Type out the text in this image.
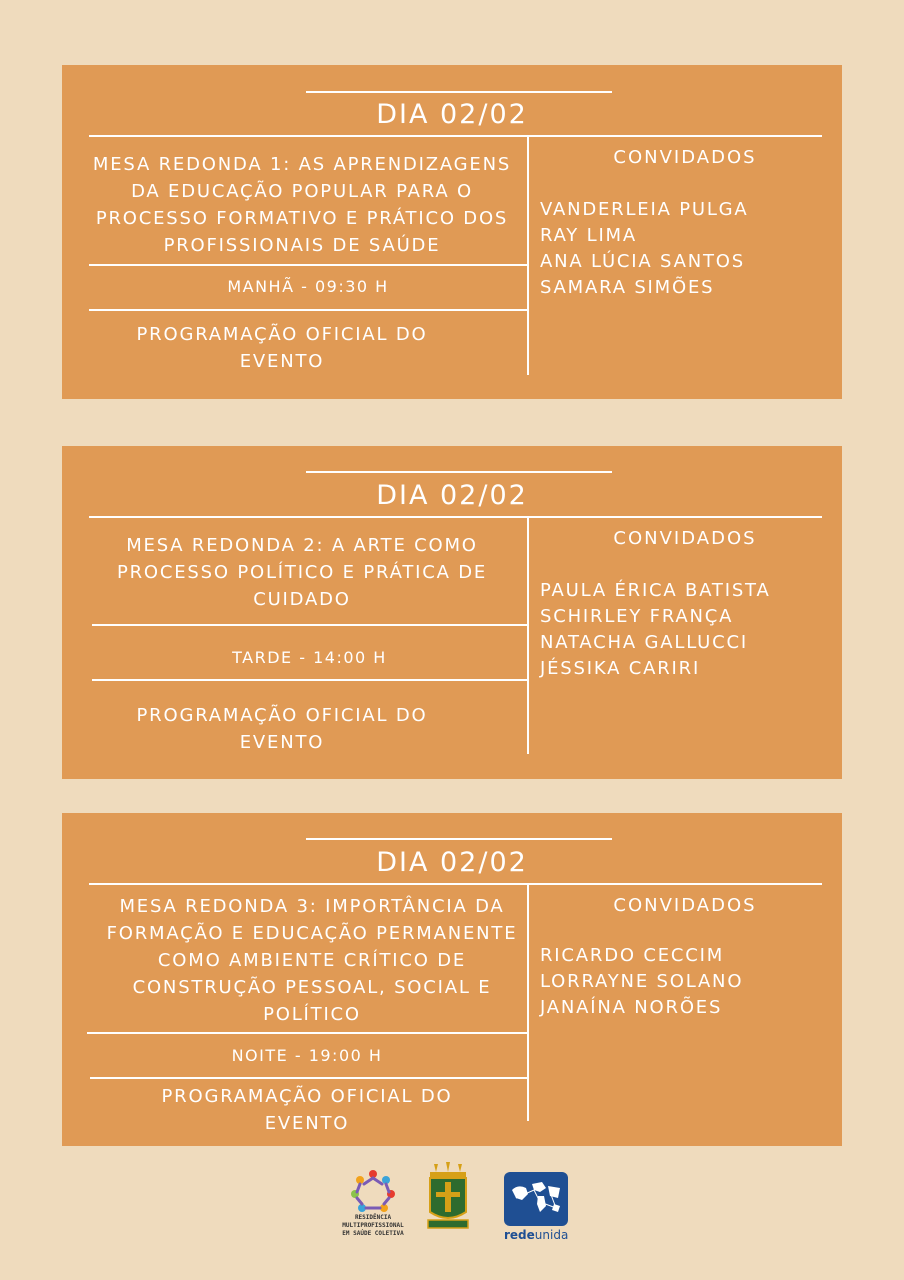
DIA 02/02
MESA REDONDA 1: AS APRENDIZAGENS DA EDUCAÇÃO POPULAR PARA O PROCESSO FORMATIVO E PRÁTICO DOS PROFISSIONAIS DE SAÚDE
MANHÃ - 09:30 H
PROGRAMAÇÃO OFICIAL DO EVENTO
CONVIDADOS
VANDERLEIA PULGA
RAY LIMA
ANA LÚCIA SANTOS
SAMARA SIMÕES
DIA 02/02
MESA REDONDA 2: A ARTE COMO PROCESSO POLÍTICO E PRÁTICA DE CUIDADO
TARDE - 14:00 H
PROGRAMAÇÃO OFICIAL DO EVENTO
CONVIDADOS
PAULA ÉRICA BATISTA
SCHIRLEY FRANÇA
NATACHA GALLUCCI
JÉSSIKA CARIRI
DIA 02/02
MESA REDONDA 3: IMPORTÂNCIA DA FORMAÇÃO E EDUCAÇÃO PERMANENTE COMO AMBIENTE CRÍTICO DE CONSTRUÇÃO PESSOAL, SOCIAL E POLÍTICO
NOITE - 19:00 H
PROGRAMAÇÃO OFICIAL DO EVENTO
CONVIDADOS
RICARDO CECCIM
LORRAYNE SOLANO
JANAÍNA NORÕES
RESIDÊNCIA MULTIPROFISSIONAL EM SAÚDE COLETIVA	redeunida
